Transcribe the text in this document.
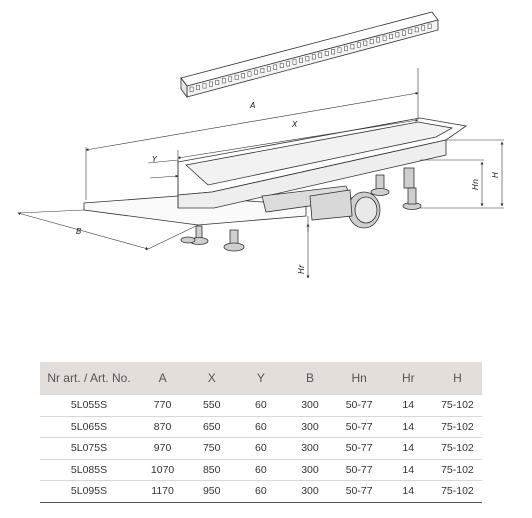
A
X
Y
B
Hn
H
Hr
Nr art. / Art. No.	A	X	Y	B	Hn	Hr	H
5L055S	770	550	60	300	50-77	14	75-102
5L065S	870	650	60	300	50-77	14	75-102
5L075S	970	750	60	300	50-77	14	75-102
5L085S	1070	850	60	300	50-77	14	75-102
5L095S	1170	950	60	300	50-77	14	75-102
